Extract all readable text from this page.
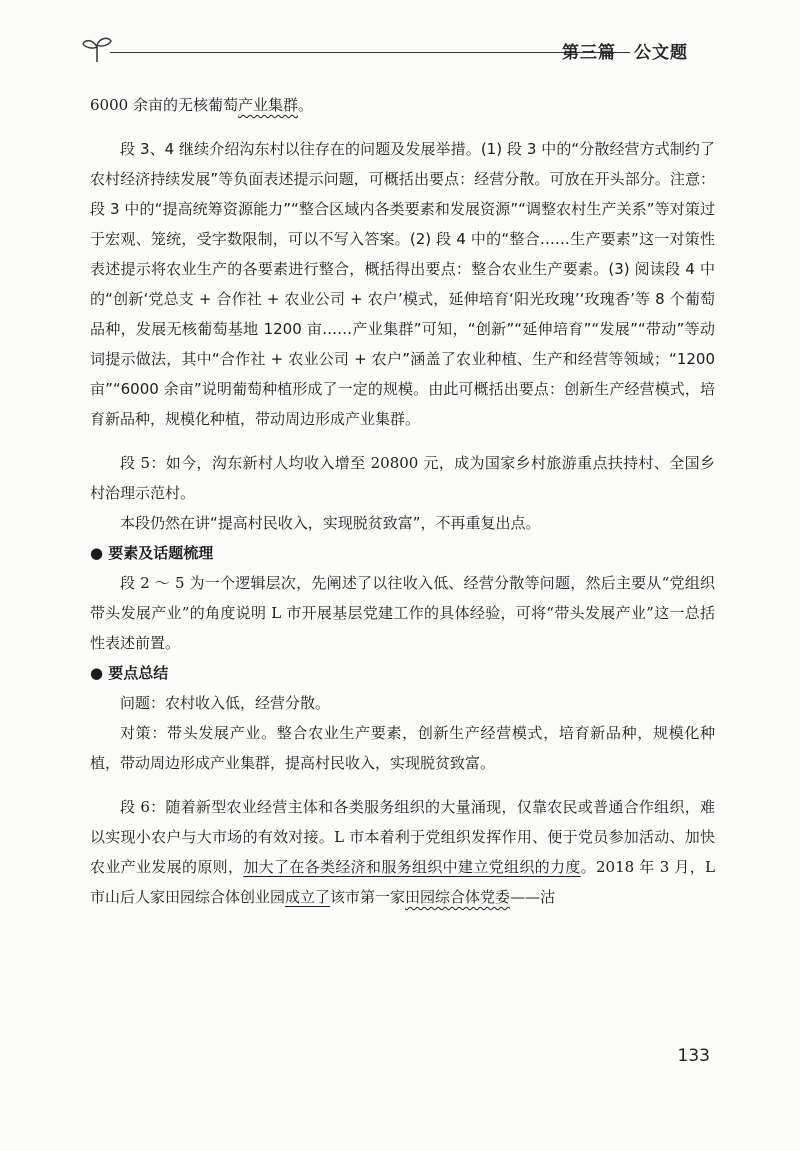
第三篇　公文题

6000 余亩的无核葡萄产业集群。

段 3、4 继续介绍沟东村以往存在的问题及发展举措。(1) 段 3 中的“分散经营方式制约了农村经济持续发展”等负面表述提示问题，可概括出要点：经营分散。可放在开头部分。注意：段 3 中的“提高统筹资源能力”“整合区域内各类要素和发展资源”“调整农村生产关系”等对策过于宏观、笼统，受字数限制，可以不写入答案。(2) 段 4 中的“整合……生产要素”这一对策性表述提示将农业生产的各要素进行整合，概括得出要点：整合农业生产要素。(3) 阅读段 4 中的“创新‘党总支 + 合作社 + 农业公司 + 农户’模式，延伸培育‘阳光玫瑰’‘玫瑰香’等 8 个葡萄品种，发展无核葡萄基地 1200 亩……产业集群”可知，“创新”“延伸培育”“发展”“带动”等动词提示做法，其中“合作社 + 农业公司 + 农户”涵盖了农业种植、生产和经营等领域；“1200 亩”“6000 余亩”说明葡萄种植形成了一定的规模。由此可概括出要点：创新生产经营模式，培育新品种，规模化种植，带动周边形成产业集群。

段 5：如今，沟东新村人均收入增至 20800 元，成为国家乡村旅游重点扶持村、全国乡村治理示范村。

本段仍然在讲“提高村民收入，实现脱贫致富”，不再重复出点。

● 要素及话题梳理

段 2 ～ 5 为一个逻辑层次，先阐述了以往收入低、经营分散等问题，然后主要从“党组织带头发展产业”的角度说明 L 市开展基层党建工作的具体经验，可将“带头发展产业”这一总括性表述前置。

● 要点总结

问题：农村收入低，经营分散。

对策：带头发展产业。整合农业生产要素，创新生产经营模式，培育新品种，规模化种植，带动周边形成产业集群，提高村民收入，实现脱贫致富。

段 6：随着新型农业经营主体和各类服务组织的大量涌现，仅靠农民或普通合作组织，难以实现小农户与大市场的有效对接。L 市本着利于党组织发挥作用、便于党员参加活动、加快农业产业发展的原则，加大了在各类经济和服务组织中建立党组织的力度。2018 年 3 月，L 市山后人家田园综合体创业园成立了该市第一家田园综合体党委——沽

133
